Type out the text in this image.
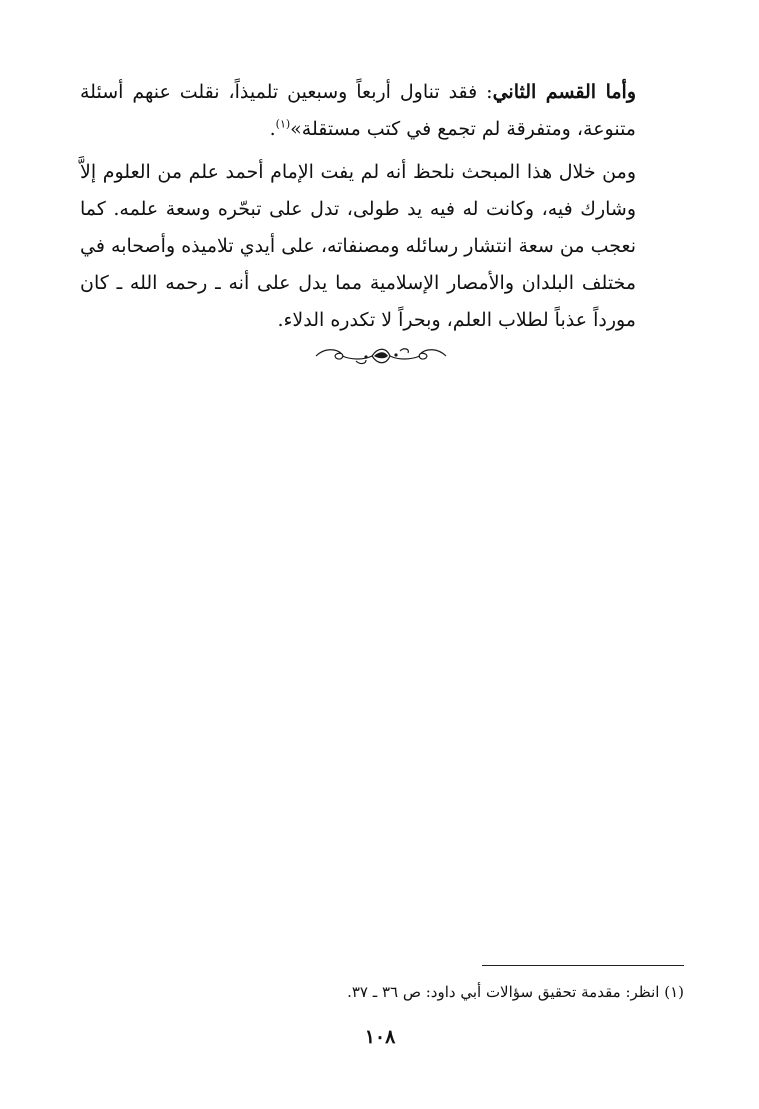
وأما القسم الثاني: فقد تناول أربعاً وسبعين تلميذاً، نقلت عنهم أسئلة متنوعة، ومتفرقة لم تجمع في كتب مستقلة»$^{(١)}$.

ومن خلال هذا المبحث نلحظ أنه لم يفت الإمام أحمد علم من العلوم إلاَّ وشارك فيه، وكانت له فيه يد طولى، تدل على تبحّره وسعة علمه. كما نعجب من سعة انتشار رسائله ومصنفاته، على أيدي تلاميذه وأصحابه في مختلف البلدان والأمصار الإسلامية مما يدل على أنه ـ رحمه الله ـ كان مورداً عذباً لطلاب العلم، وبحراً لا تكدره الدلاء.

(١) انظر: مقدمة تحقيق سؤالات أبي داود: ص ٣٦ ـ ٣٧.
١٠٨
